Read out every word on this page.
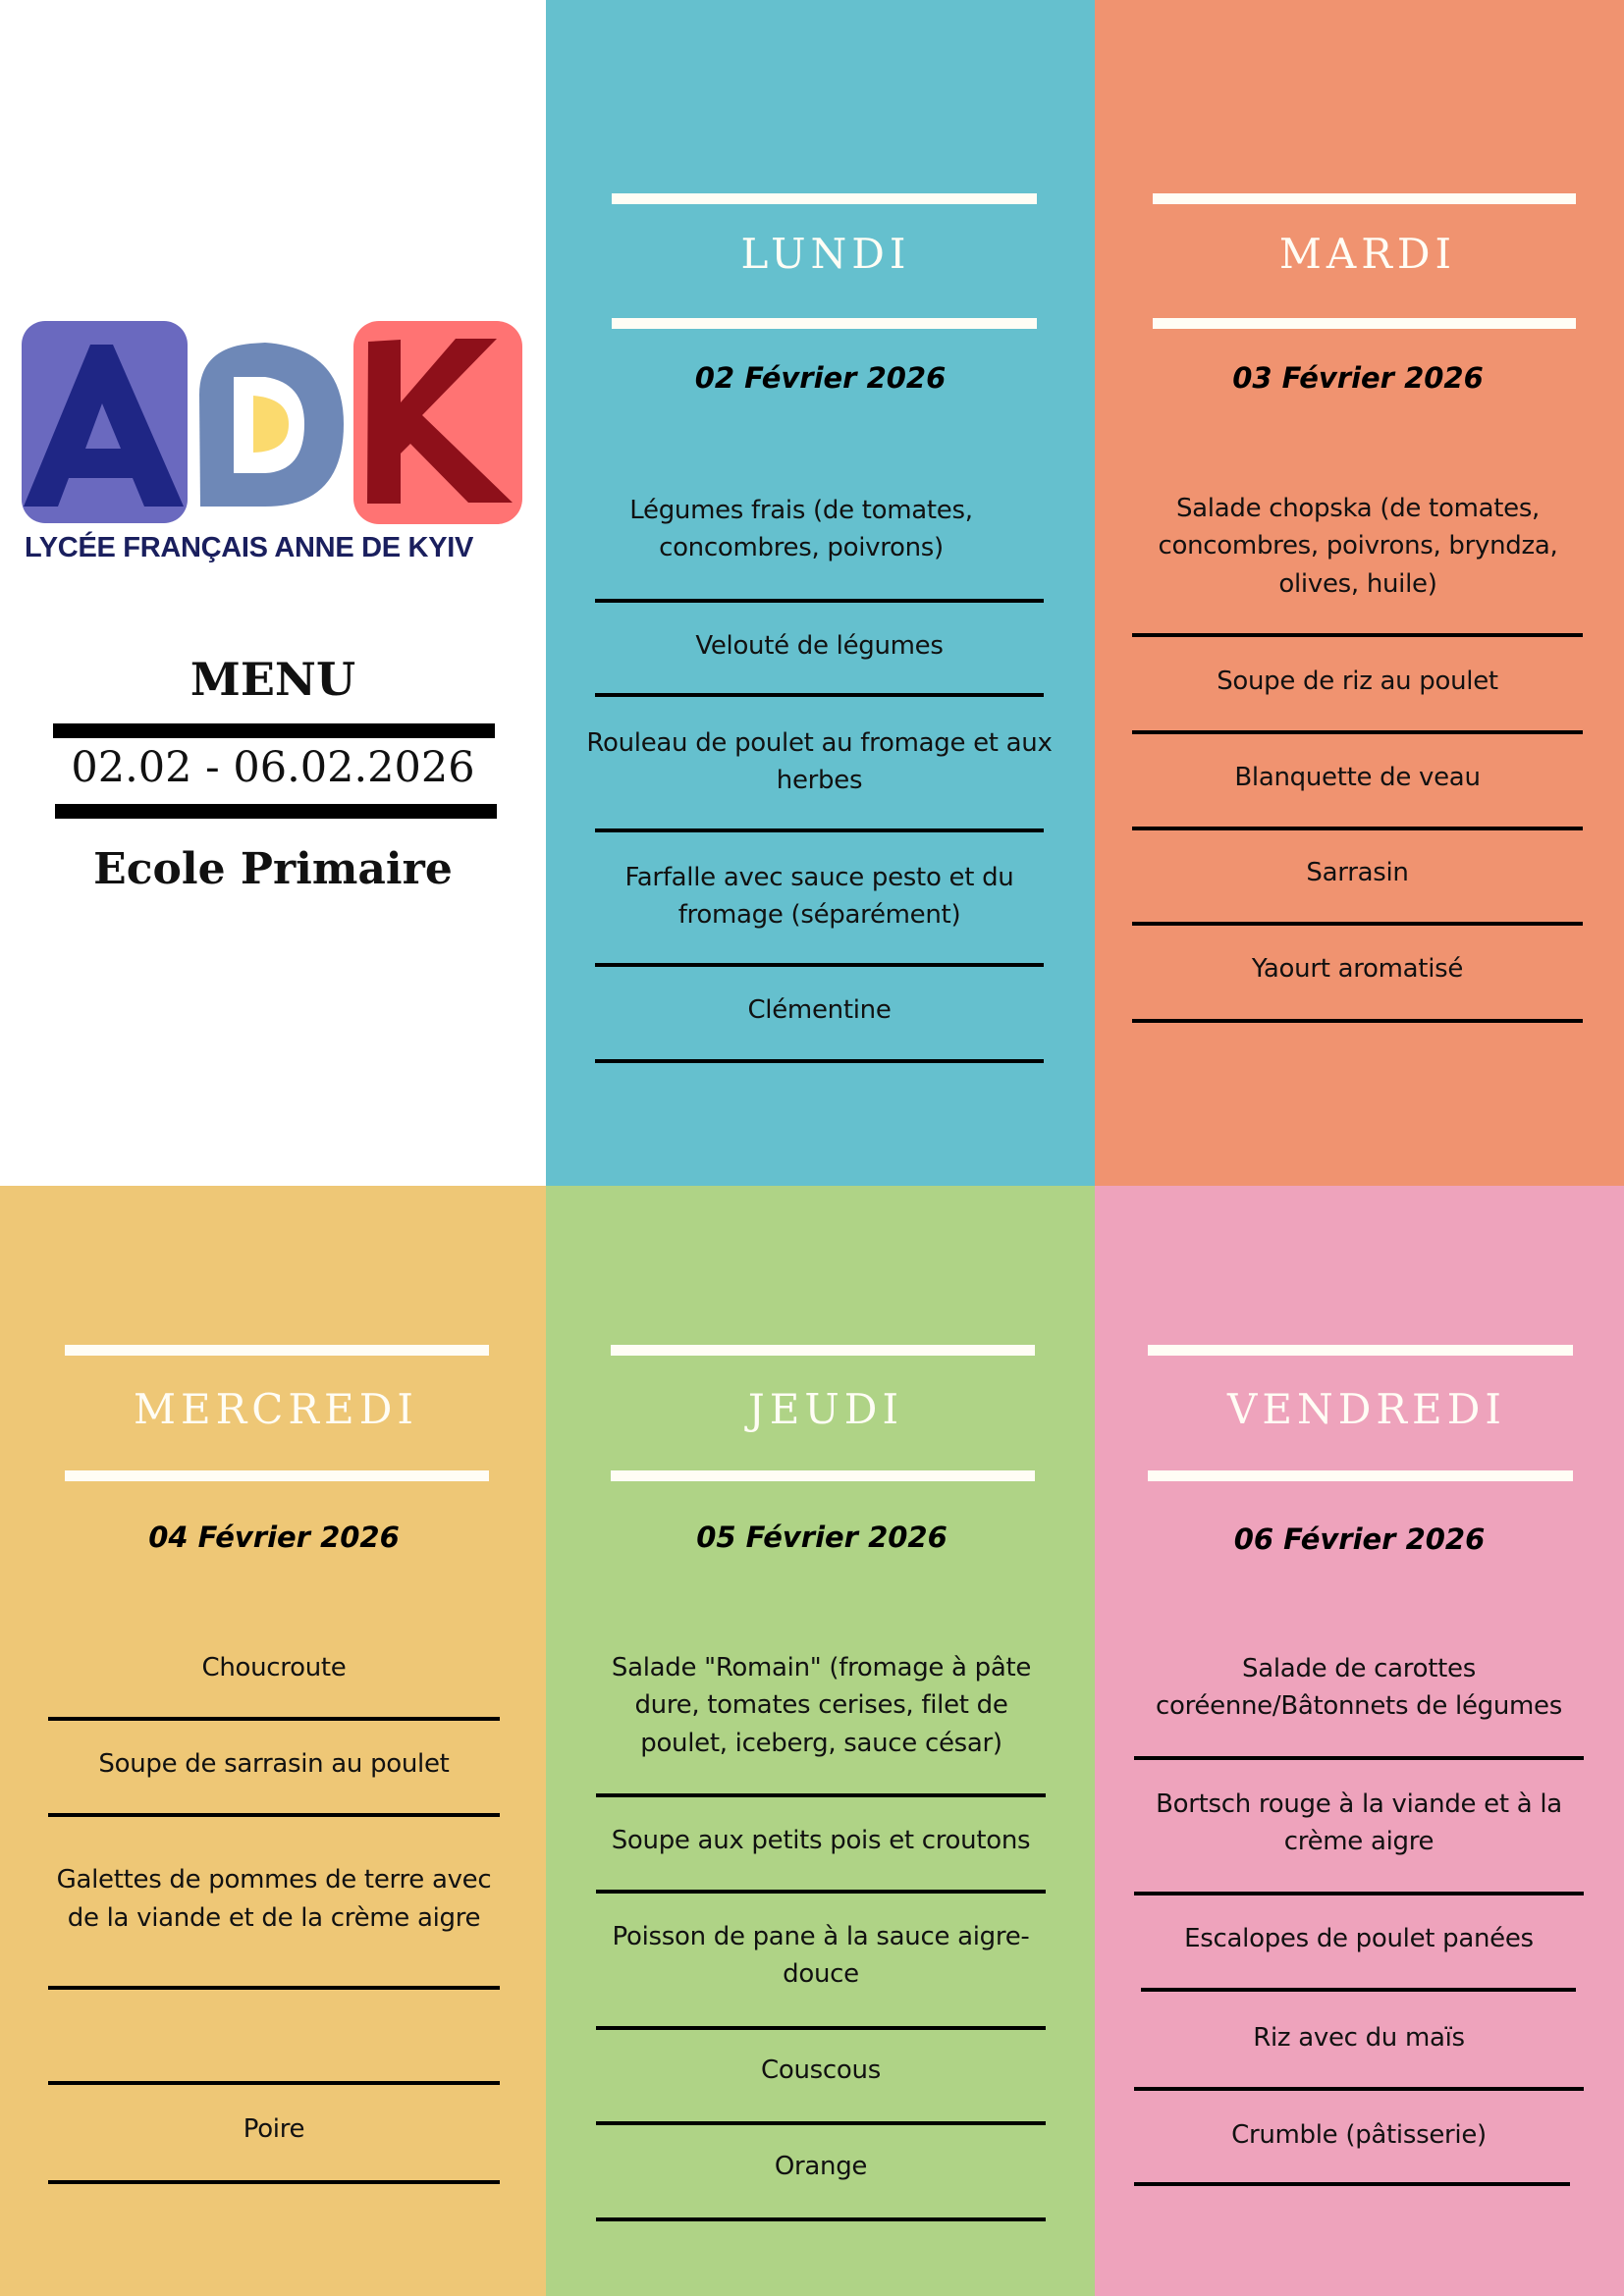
LYCÉE FRANÇAIS ANNE DE KYIV
MENU
02.02 - 06.02.2026
Ecole Primaire
LUNDI
02 Février 2026
Légumes frais (de tomates, concombres, poivrons)
Velouté de légumes
Rouleau de poulet au fromage et aux herbes
Farfalle avec sauce pesto et du fromage (séparément)
Clémentine
MARDI
03 Février 2026
Salade chopska (de tomates, concombres, poivrons, bryndza, olives, huile)
Soupe de riz au poulet
Blanquette de veau
Sarrasin
Yaourt aromatisé
MERCREDI
04 Février 2026
Choucroute
Soupe de sarrasin au poulet
Galettes de pommes de terre avec de la viande et de la crème aigre
Poire
JEUDI
05 Février 2026
Salade "Romain" (fromage à pâte dure, tomates cerises, filet de poulet, iceberg, sauce césar)
Soupe aux petits pois et croutons
Poisson de pane à la sauce aigre-douce
Couscous
Orange
VENDREDI
06 Février 2026
Salade de carottes coréenne/Bâtonnets de légumes
Bortsch rouge à la viande et à la crème aigre
Escalopes de poulet panées
Riz avec du maïs
Crumble (pâtisserie)
